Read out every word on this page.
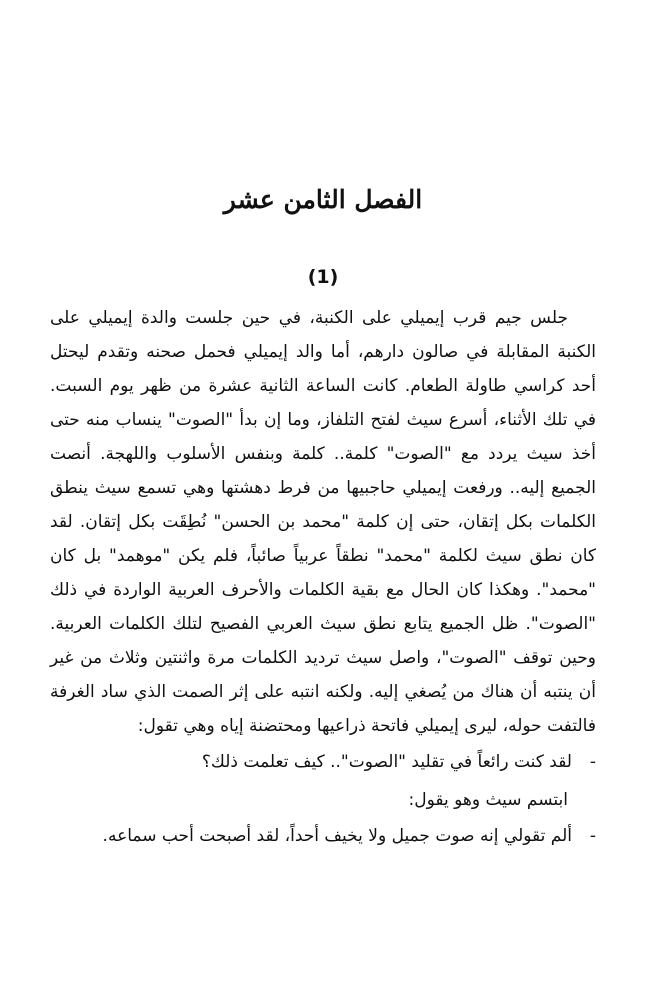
الفصل الثامن عشر
(1)

جلس جيم قرب إيميلي على الكنبة، في حين جلست والدة إيميلي على الكنبة المقابلة في صالون دارهم، أما والد إيميلي فحمل صحنه وتقدم ليحتل أحد كراسي طاولة الطعام. كانت الساعة الثانية عشرة من ظهر يوم السبت. في تلك الأثناء، أسرع سيث لفتح التلفاز، وما إن بدأ "الصوت" ينساب منه حتى أخذ سيث يردد مع "الصوت" كلمة.. كلمة وبنفس الأسلوب واللهجة. أنصت الجميع إليه.. ورفعت إيميلي حاجبيها من فرط دهشتها وهي تسمع سيث ينطق الكلمات بكل إتقان، حتى إن كلمة "محمد بن الحسن" نُطِقَت بكل إتقان. لقد كان نطق سيث لكلمة "محمد" نطقاً عربياً صائباً، فلم يكن "موهمد" بل كان "محمد". وهكذا كان الحال مع بقية الكلمات والأحرف العربية الواردة في ذلك "الصوت". ظل الجميع يتابع نطق سيث العربي الفصيح لتلك الكلمات العربية. وحين توقف "الصوت"، واصل سيث ترديد الكلمات مرة واثنتين وثلاث من غير أن ينتبه أن هناك من يُصغي إليه. ولكنه انتبه على إثر الصمت الذي ساد الغرفة فالتفت حوله، ليرى إيميلي فاتحة ذراعيها ومحتضنة إياه وهي تقول:

-لقد كنت رائعاً في تقليد "الصوت".. كيف تعلمت ذلك؟

ابتسم سيث وهو يقول:

-ألم تقولي إنه صوت جميل ولا يخيف أحداً، لقد أصبحت أحب سماعه.
